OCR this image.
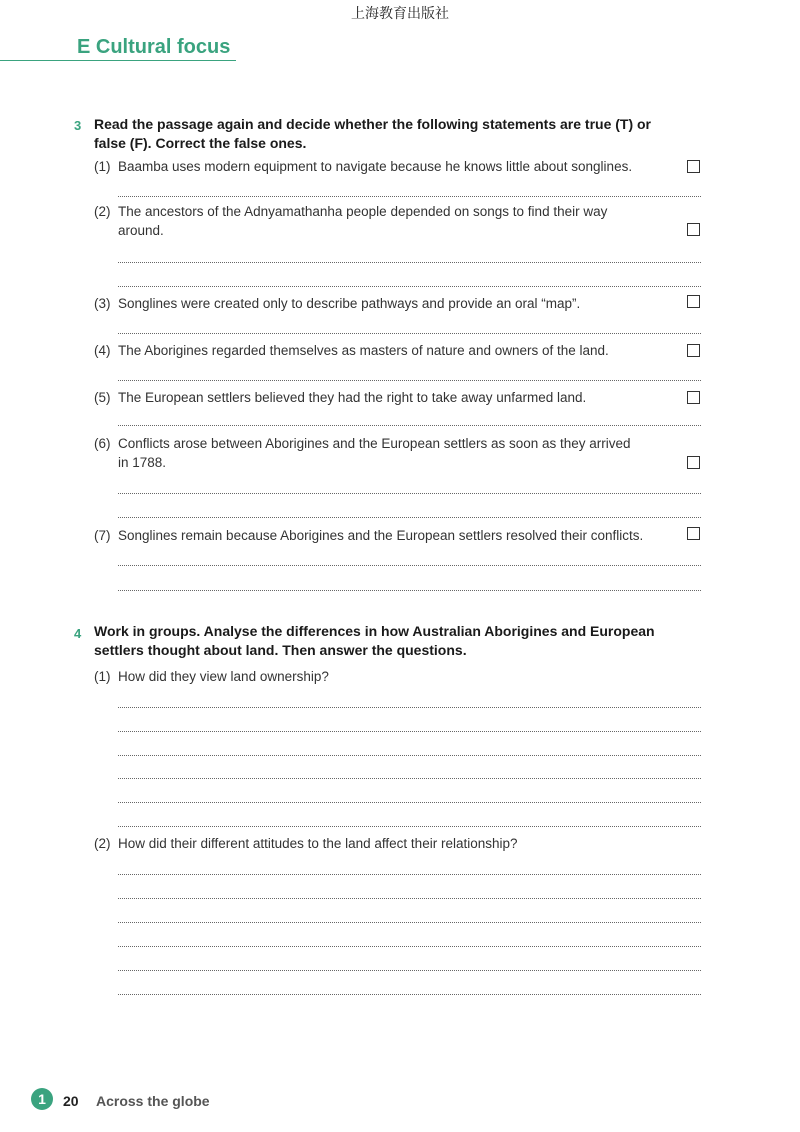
上海教育出版社
E Cultural focus
3 Read the passage again and decide whether the following statements are true (T) or
false (F). Correct the false ones.
(1) Baamba uses modern equipment to navigate because he knows little about songlines.
(2) The ancestors of the Adnyamathanha people depended on songs to find their way
around.
(3) Songlines were created only to describe pathways and provide an oral “map”.
(4) The Aborigines regarded themselves as masters of nature and owners of the land.
(5) The European settlers believed they had the right to take away unfarmed land.
(6) Conflicts arose between Aborigines and the European settlers as soon as they arrived
in 1788.
(7) Songlines remain because Aborigines and the European settlers resolved their conflicts.
4 Work in groups. Analyse the differences in how Australian Aborigines and European
settlers thought about land. Then answer the questions.
(1) How did they view land ownership?
(2) How did their different attitudes to the land affect their relationship?
1	20 Across the globe
